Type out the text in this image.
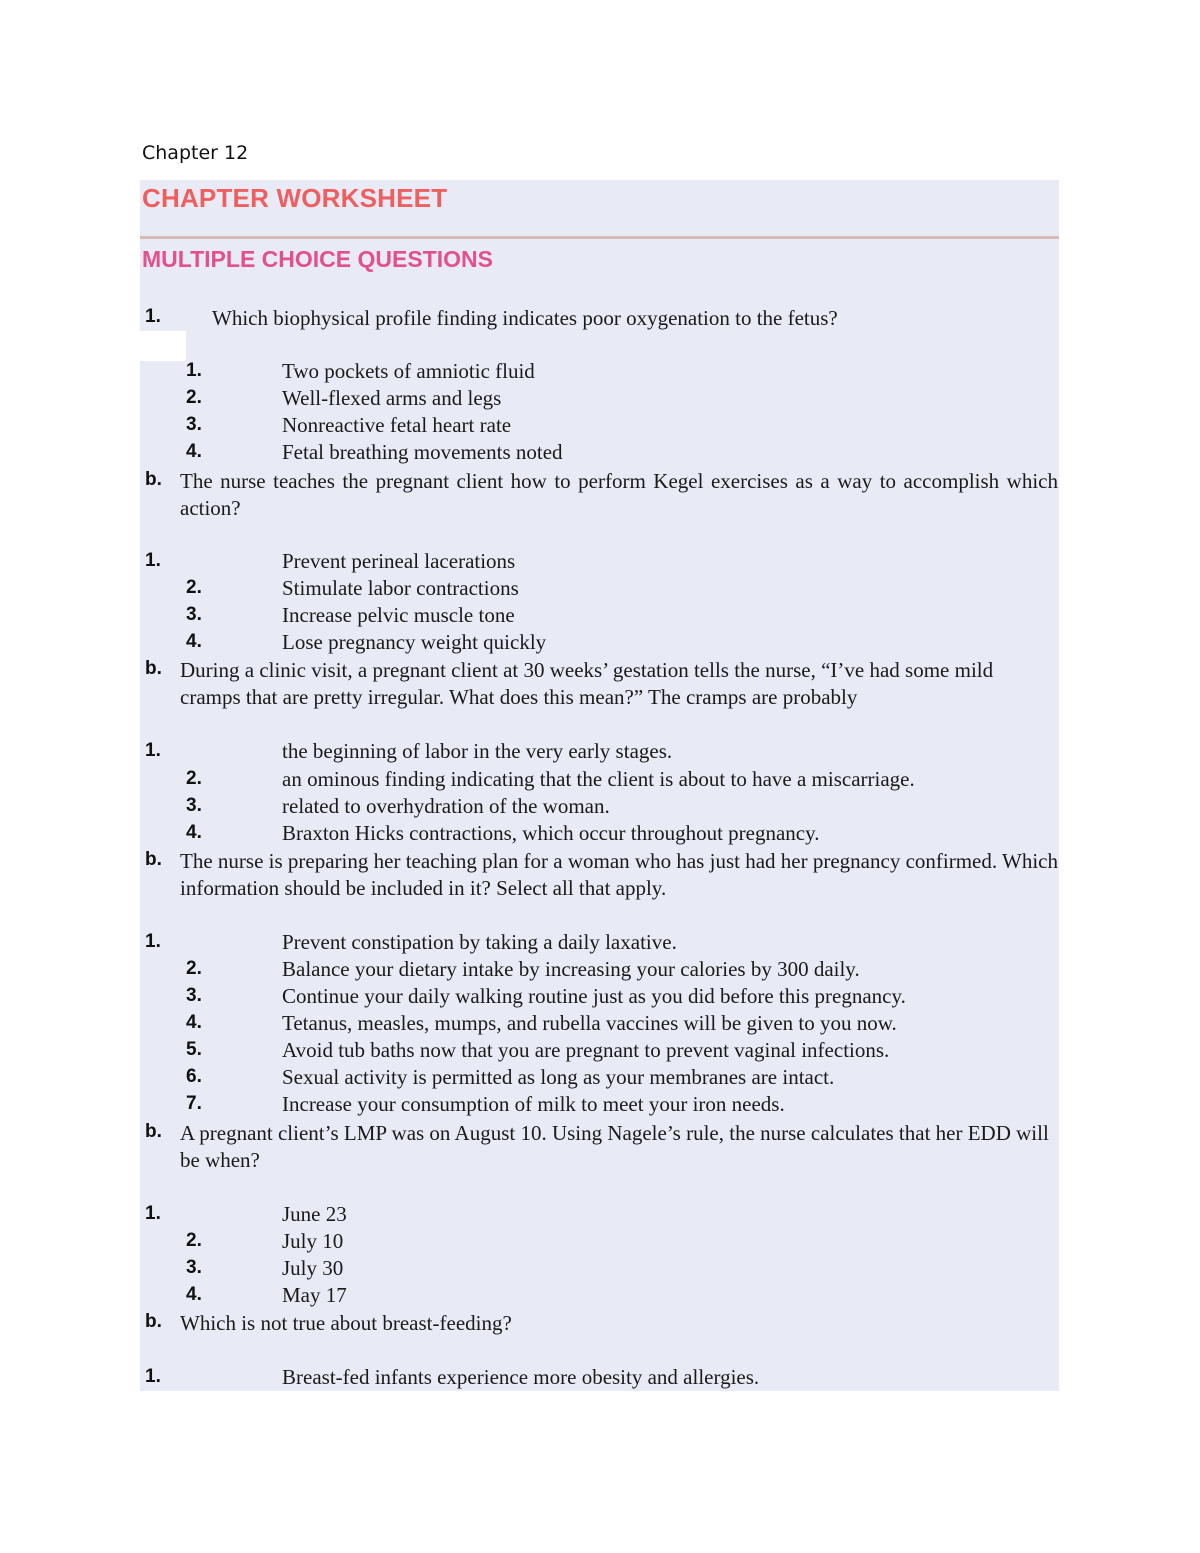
Chapter 12
CHAPTER WORKSHEET
MULTIPLE CHOICE QUESTIONS
1. Which biophysical profile finding indicates poor oxygenation to the fetus?
1.	Two pockets of amniotic fluid
2.	Well-flexed arms and legs
3.	Nonreactive fetal heart rate
4.	Fetal breathing movements noted
b. The nurse teaches the pregnant client how to perform Kegel exercises as a way to accomplish which action?
1.	Prevent perineal lacerations
2.	Stimulate labor contractions
3.	Increase pelvic muscle tone
4.	Lose pregnancy weight quickly
b. During a clinic visit, a pregnant client at 30 weeks’ gestation tells the nurse, “I’ve had some mild cramps that are pretty irregular. What does this mean?” The cramps are probably
1.	the beginning of labor in the very early stages.
2.	an ominous finding indicating that the client is about to have a miscarriage.
3.	related to overhydration of the woman.
4.	Braxton Hicks contractions, which occur throughout pregnancy.
b. The nurse is preparing her teaching plan for a woman who has just had her pregnancy confirmed. Which information should be included in it? Select all that apply.
1.	Prevent constipation by taking a daily laxative.
2.	Balance your dietary intake by increasing your calories by 300 daily.
3.	Continue your daily walking routine just as you did before this pregnancy.
4.	Tetanus, measles, mumps, and rubella vaccines will be given to you now.
5.	Avoid tub baths now that you are pregnant to prevent vaginal infections.
6.	Sexual activity is permitted as long as your membranes are intact.
7.	Increase your consumption of milk to meet your iron needs.
b. A pregnant client’s LMP was on August 10. Using Nagele’s rule, the nurse calculates that her EDD will be when?
1.	June 23
2.	July 10
3.	July 30
4.	May 17
b. Which is not true about breast-feeding?
1.	Breast-fed infants experience more obesity and allergies.
